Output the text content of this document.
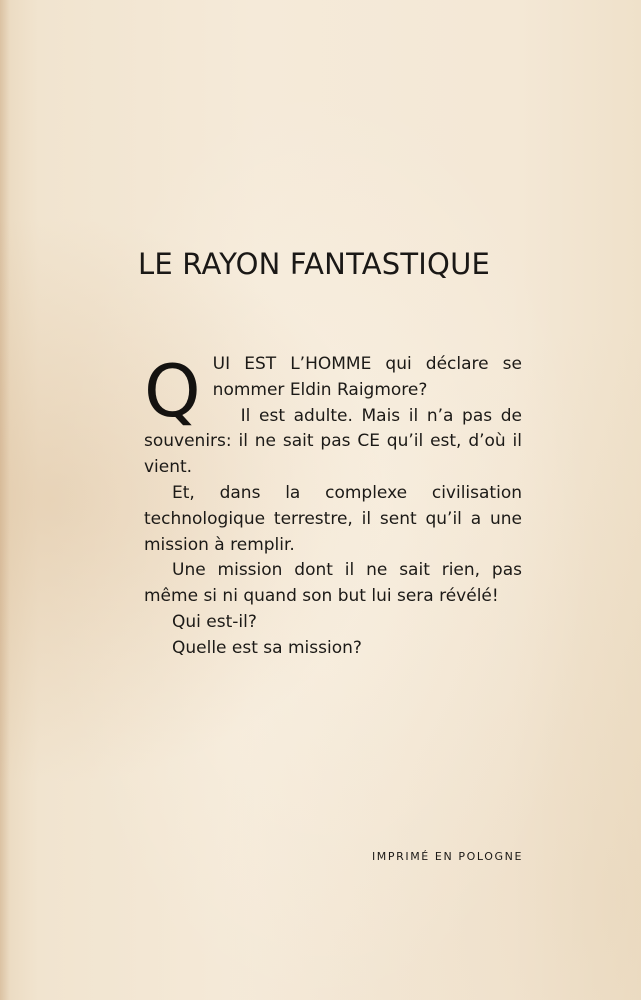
LE RAYON FANTASTIQUE

QUI EST L’HOMME qui déclare se nommer Eldin Raigmore?

Il est adulte. Mais il n’a pas de souvenirs: il ne sait pas CE qu’il est, d’où il vient.

Et, dans la complexe civilisation technologique terrestre, il sent qu’il a une mission à remplir.

Une mission dont il ne sait rien, pas même si ni quand son but lui sera révélé!

Qui est-il?

Quelle est sa mission?

IMPRIMÉ EN POLOGNE
